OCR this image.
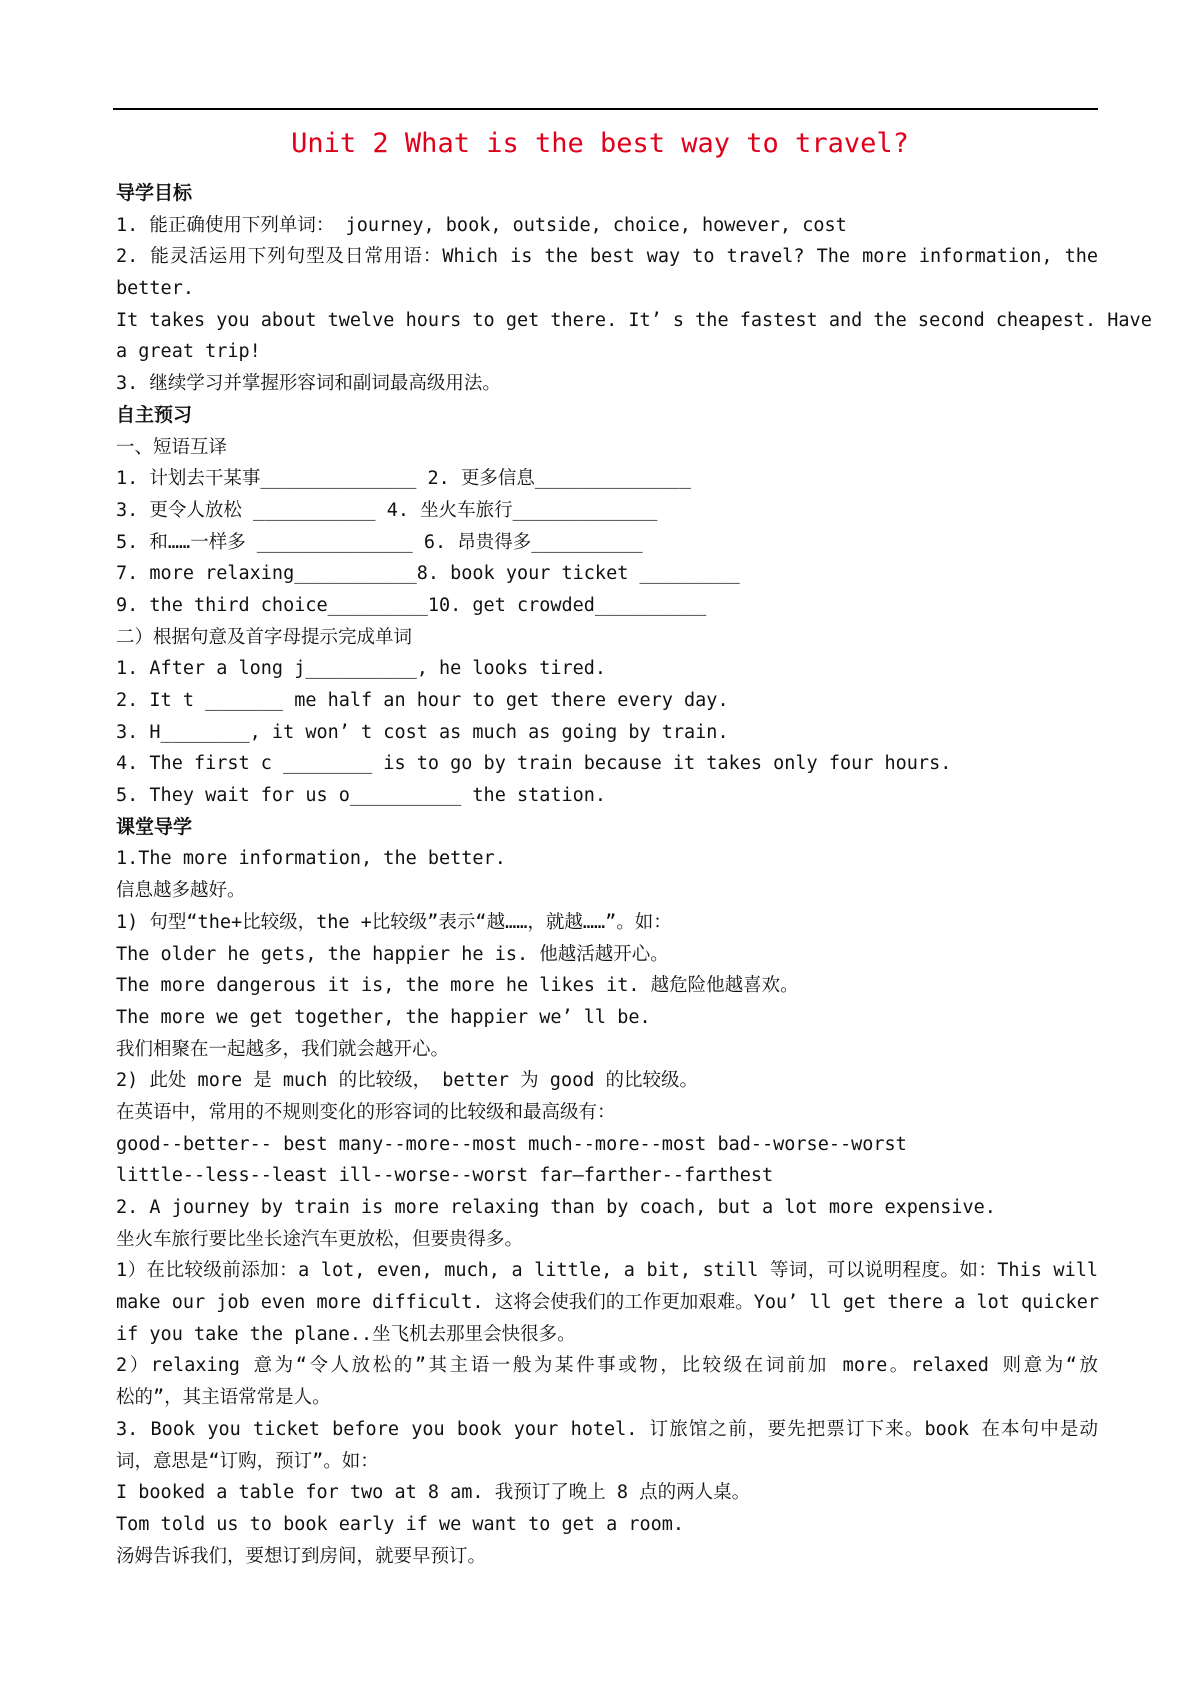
Unit 2 What is the best way to travel?
导学目标
1. 能正确使用下列单词： journey, book, outside, choice, however, cost
2. 能灵活运用下列句型及日常用语：Which is the best way to travel? The more information, the
better.
It takes you about twelve hours to get there. It’ s the fastest and the second cheapest. Have
a great trip!
3. 继续学习并掌握形容词和副词最高级用法。
自主预习
一、短语互译
1. 计划去干某事______________ 2. 更多信息______________
3. 更令人放松 ___________ 4. 坐火车旅行_____________
5. 和……一样多 ______________ 6. 昂贵得多__________
7. more relaxing___________8. book your ticket _________
9. the third choice_________10. get crowded__________
二）根据句意及首字母提示完成单词
1. After a long j__________, he looks tired.
2. It t _______ me half an hour to get there every day.
3. H________, it won’ t cost as much as going by train.
4. The first c ________ is to go by train because it takes only four hours.
5. They wait for us o__________ the station.
课堂导学
1.The more information, the better.
信息越多越好。
1) 句型“the+比较级，the +比较级”表示“越……，就越……”。如：
The older he gets, the happier he is. 他越活越开心。
The more dangerous it is, the more he likes it. 越危险他越喜欢。
The more we get together, the happier we’ ll be.
我们相聚在一起越多，我们就会越开心。
2) 此处 more 是 much 的比较级， better 为 good 的比较级。
在英语中，常用的不规则变化的形容词的比较级和最高级有：
good--better-- best many--more--most much--more--most bad--worse--worst
little--less--least ill--worse--worst far—farther--farthest
2. A journey by train is more relaxing than by coach, but a lot more expensive.
坐火车旅行要比坐长途汽车更放松，但要贵得多。
1）在比较级前添加：a lot, even, much, a little, a bit, still 等词，可以说明程度。如：This will
make our job even more difficult. 这将会使我们的工作更加艰难。You’ ll get there a lot quicker
if you take the plane..坐飞机去那里会快很多。
2）relaxing 意为“令人放松的”其主语一般为某件事或物，比较级在词前加 more。relaxed 则意为“放
松的”，其主语常常是人。
3. Book you ticket before you book your hotel. 订旅馆之前，要先把票订下来。book 在本句中是动
词，意思是“订购，预订”。如：
I booked a table for two at 8 am. 我预订了晚上 8 点的两人桌。
Tom told us to book early if we want to get a room.
汤姆告诉我们，要想订到房间，就要早预订。
